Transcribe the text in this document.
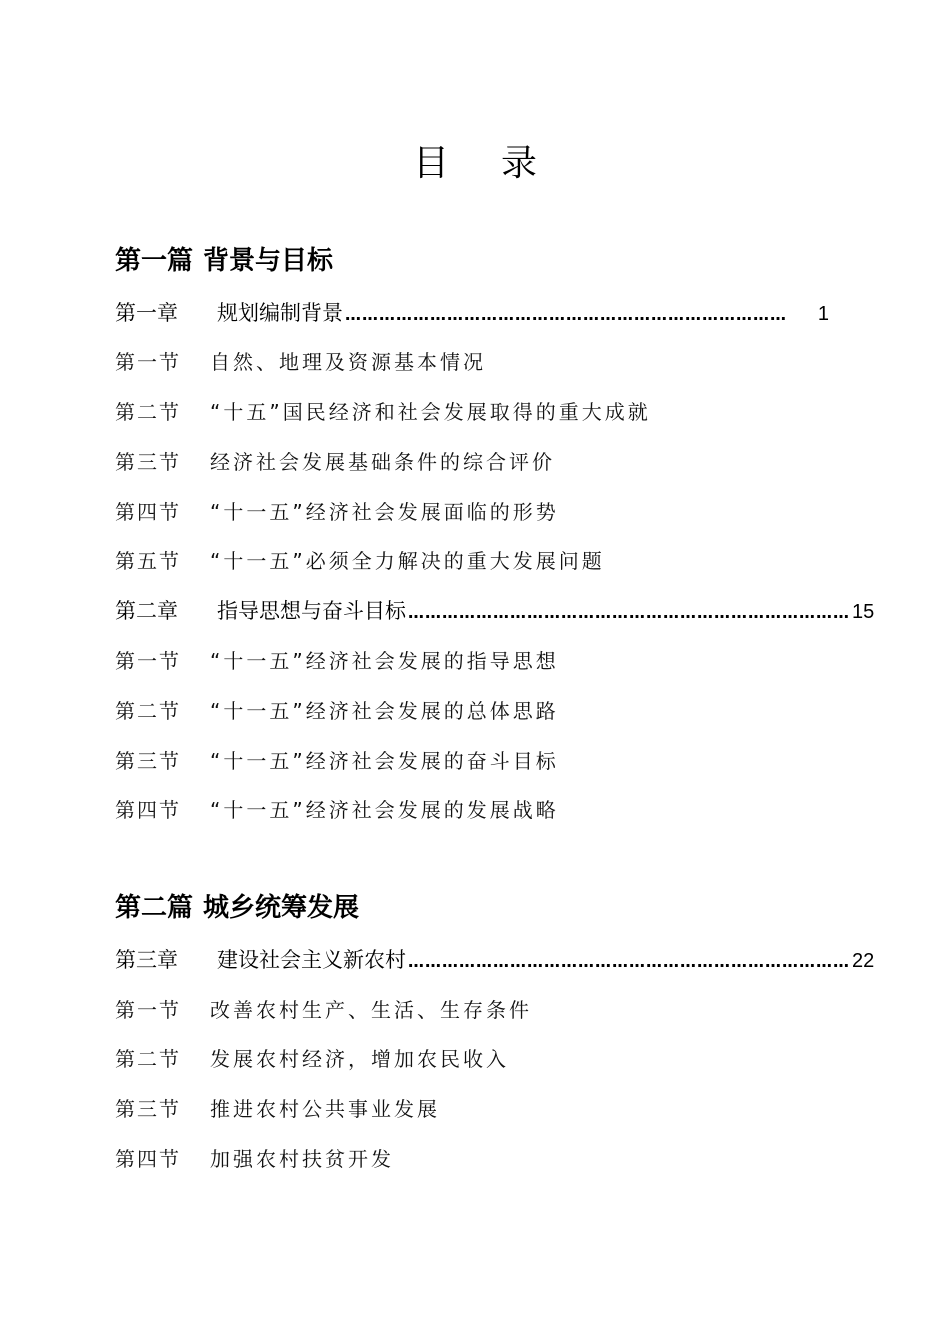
目 录
第一篇 背景与目标
第一章	规划编制背景 ……………………………………………………………………	1
第一节 自然、地理及资源基本情况
第二节 “十五”国民经济和社会发展取得的重大成就
第三节 经济社会发展基础条件的综合评价
第四节 “十一五”经济社会发展面临的形势
第五节 “十一五”必须全力解决的重大发展问题
第二章	指导思想与奋斗目标 …………………………………………………………………… 15
第一节 “十一五”经济社会发展的指导思想
第二节 “十一五”经济社会发展的总体思路
第三节 “十一五”经济社会发展的奋斗目标
第四节 “十一五”经济社会发展的发展战略
第二篇 城乡统筹发展
第三章	建设社会主义新农村 …………………………………………………………………… 22
第一节 改善农村生产、生活、生存条件
第二节 发展农村经济，增加农民收入
第三节 推进农村公共事业发展
第四节 加强农村扶贫开发
